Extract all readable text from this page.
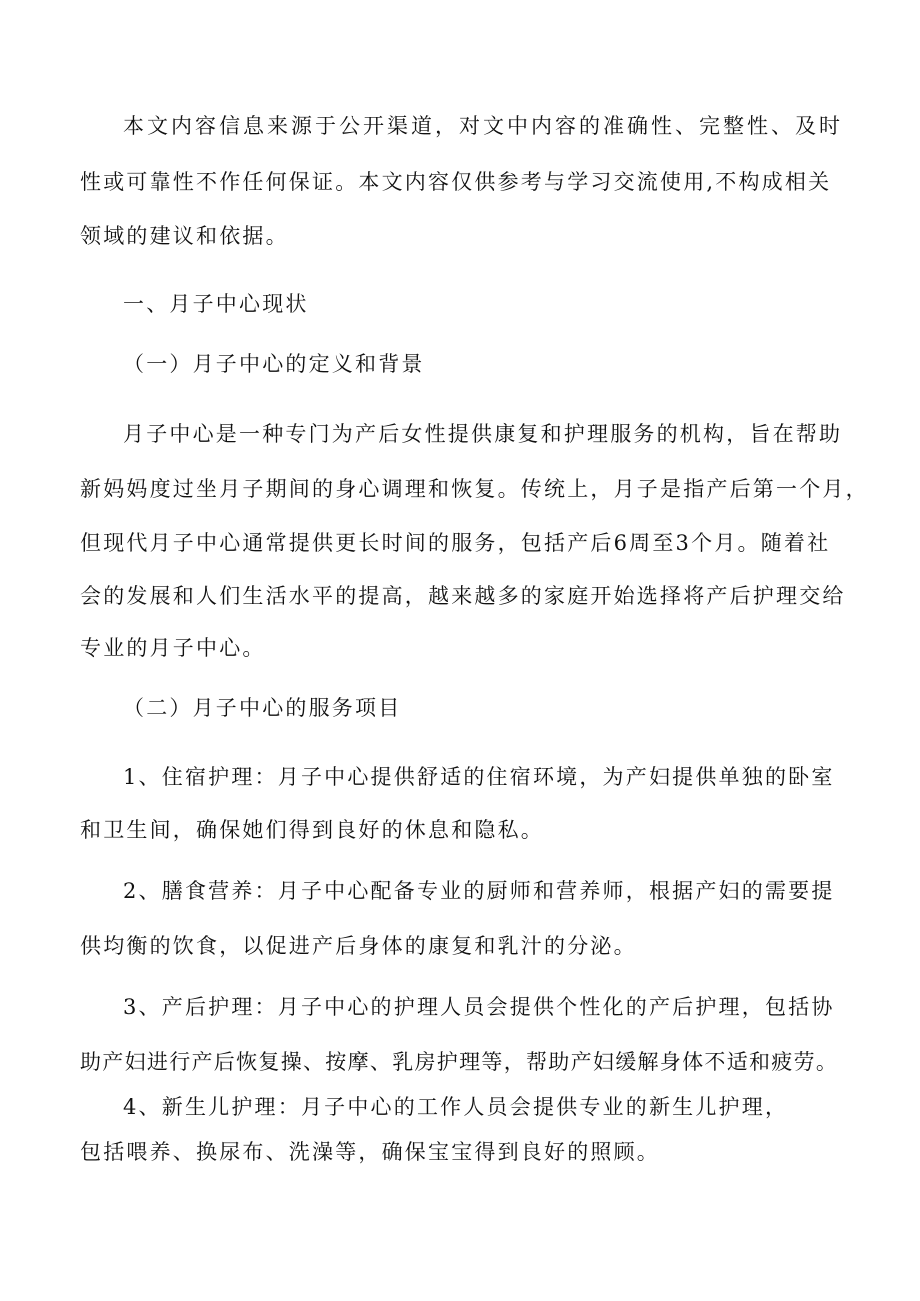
本文内容信息来源于公开渠道，对文中内容的准确性、完整性、及时
性或可靠性不作任何保证。本文内容仅供参考与学习交流使用,不构成相关
领域的建议和依据。
一、月子中心现状
（一）月子中心的定义和背景
月子中心是一种专门为产后女性提供康复和护理服务的机构，旨在帮助
新妈妈度过坐月子期间的身心调理和恢复。传统上，月子是指产后第一个月，
但现代月子中心通常提供更长时间的服务，包括产后6周至3个月。随着社
会的发展和人们生活水平的提高，越来越多的家庭开始选择将产后护理交给
专业的月子中心。
（二）月子中心的服务项目
1、住宿护理：月子中心提供舒适的住宿环境，为产妇提供单独的卧室
和卫生间，确保她们得到良好的休息和隐私。
2、膳食营养：月子中心配备专业的厨师和营养师，根据产妇的需要提
供均衡的饮食，以促进产后身体的康复和乳汁的分泌。
3、产后护理：月子中心的护理人员会提供个性化的产后护理，包括协
助产妇进行产后恢复操、按摩、乳房护理等，帮助产妇缓解身体不适和疲劳。
4、新生儿护理：月子中心的工作人员会提供专业的新生儿护理，
包括喂养、换尿布、洗澡等，确保宝宝得到良好的照顾。
